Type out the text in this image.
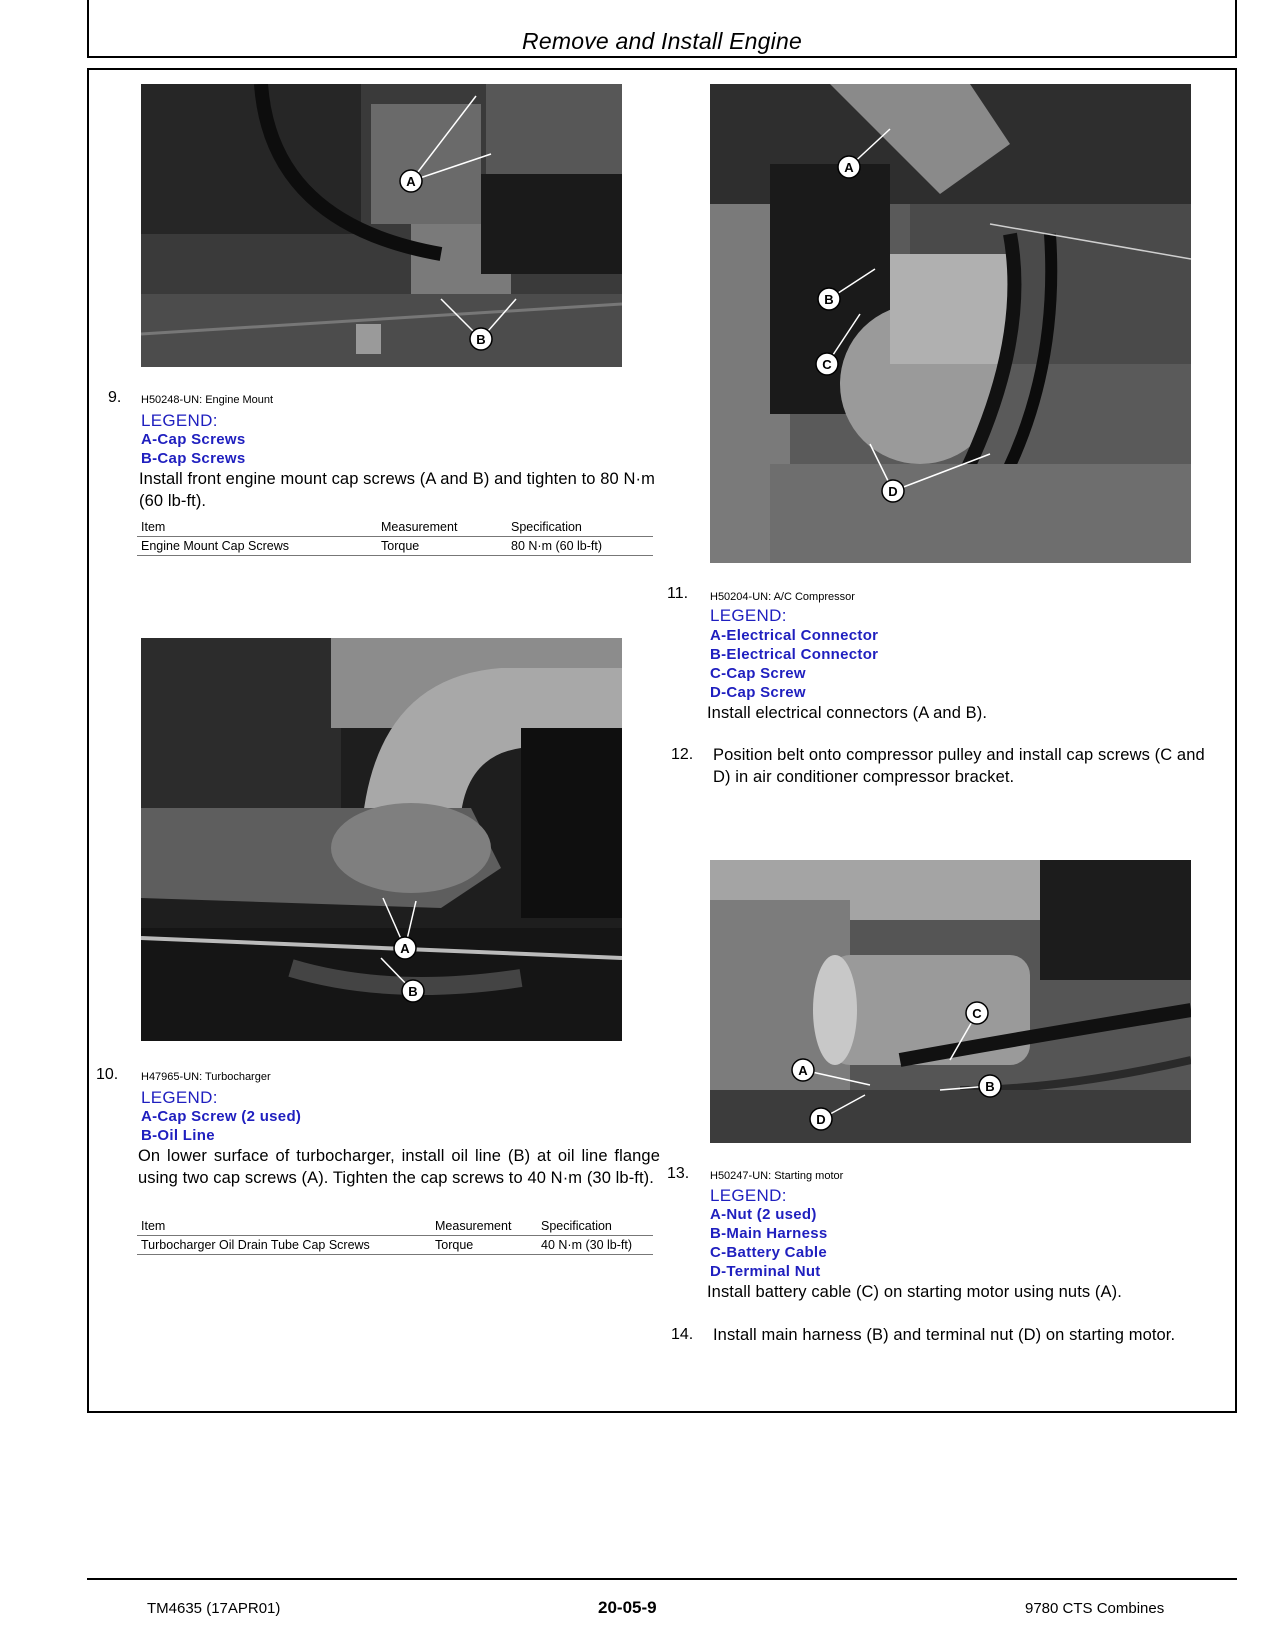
Remove and Install Engine
A
B
9. H50248-UN: Engine Mount
LEGEND:
A-Cap Screws
B-Cap Screws
Install front engine mount cap screws (A and B) and tighten to 80 N·m (60 lb-ft).
Item	Measurement	Specification
Engine Mount Cap Screws	Torque	80 N·m (60 lb-ft)
A
B
10. H47965-UN: Turbocharger
LEGEND:
A-Cap Screw (2 used)
B-Oil Line
On lower surface of turbocharger, install oil line (B) at oil line flange using two cap screws (A). Tighten the cap screws to 40 N·m (30 lb-ft).
Item	Measurement	Specification
Turbocharger Oil Drain Tube Cap Screws	Torque	40 N·m (30 lb-ft)
A
B
C
D
11. H50204-UN: A/C Compressor
LEGEND:
A-Electrical Connector
B-Electrical Connector
C-Cap Screw
D-Cap Screw
Install electrical connectors (A and B).
12. Position belt onto compressor pulley and install cap screws (C and D) in air conditioner compressor bracket.
C
A
B
D
13. H50247-UN: Starting motor
LEGEND:
A-Nut (2 used)
B-Main Harness
C-Battery Cable
D-Terminal Nut
Install battery cable (C) on starting motor using nuts (A).
14. Install main harness (B) and terminal nut (D) on starting motor.
TM4635 (17APR01)	20-05-9	9780 CTS Combines
